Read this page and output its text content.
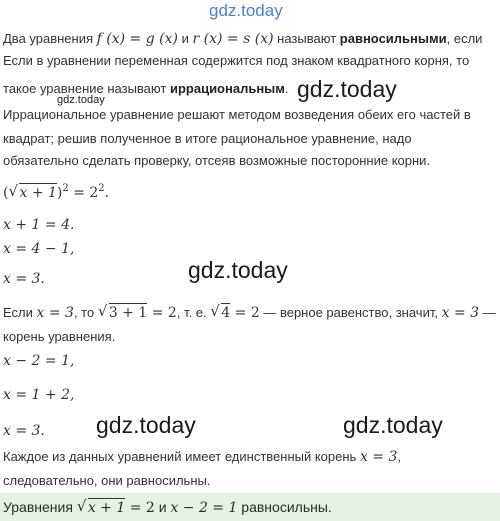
gdz.today
Два уравнения f (x) = g (x) и r (x) = s (x) называют равносильными, если
Если в уравнении переменная содержится под знаком квадратного корня, то
такое уравнение называют иррациональным. gdz.today
gdz.today
Иррациональное уравнение решают методом возведения обеих его частей в
квадрат; решив полученное в итоге рациональное уравнение, надо
обязательно сделать проверку, отсеяв возможные посторонние корни.
( √ $x + 1)^2 = 2^2$.
x + 1 = 4.
x = 4 − 1,
x = 3.	gdz.today
Если x = 3, то √ 3 + 1 = 2, т. е. √ 4 = 2 — верное равенство, значит, x = 3 —
корень уравнения.
x − 2 = 1,
x = 1 + 2,
x = 3. gdz.today	gdz.today
Каждое из данных уравнений имеет единственный корень x = 3,
следовательно, они равносильны.
Уравнения √ x + 1 = 2 и x − 2 = 1 равносильны.
